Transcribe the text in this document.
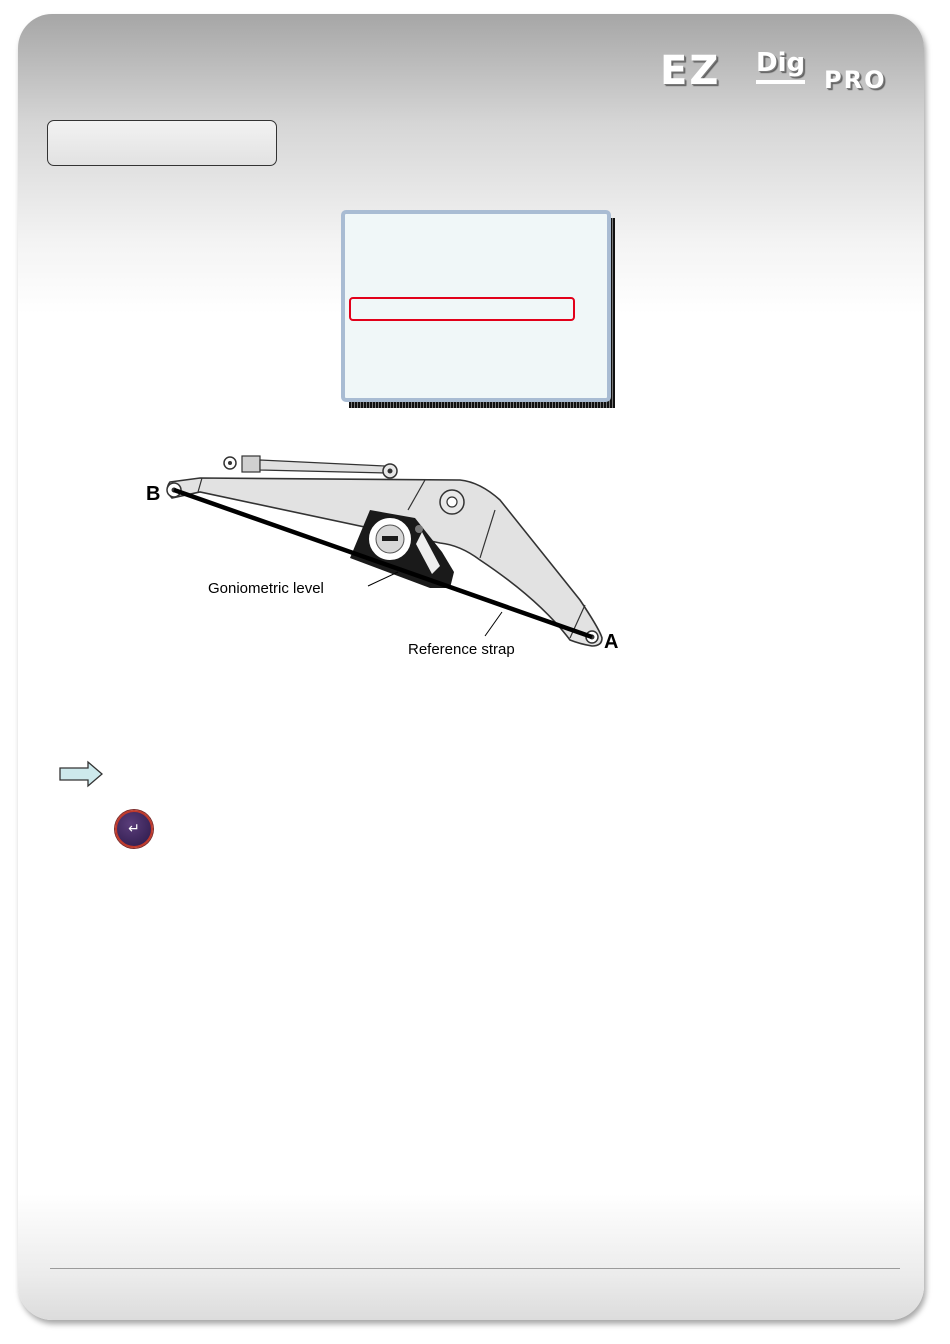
EZ Dig
PRO
B
A
Goniometric level
Reference strap
↵
